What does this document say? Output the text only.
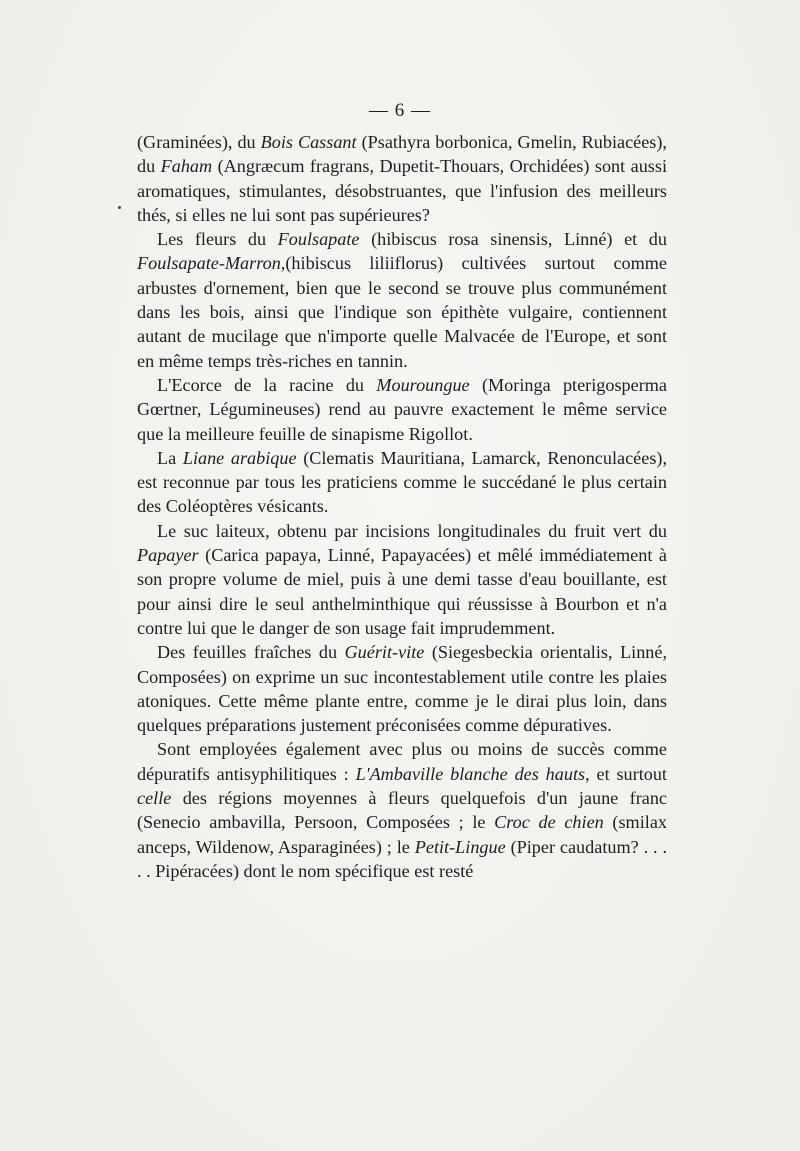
— 6 —

(Graminées), du Bois Cassant (Psathyra borbonica, Gmelin, Rubiacées), du Faham (Angræcum fragrans, Dupetit-Thouars, Orchidées) sont aussi aromatiques, stimulantes, désobstruantes, que l'infusion des meilleurs thés, si elles ne lui sont pas supérieures?

Les fleurs du Foulsapate (hibiscus rosa sinensis, Linné) et du Foulsapate-Marron,(hibiscus liliiflorus) cultivées surtout comme arbustes d'ornement, bien que le second se trouve plus communément dans les bois, ainsi que l'indique son épithète vulgaire, contiennent autant de mucilage que n'importe quelle Malvacée de l'Europe, et sont en même temps très-riches en tannin.

L'Ecorce de la racine du Mouroungue (Moringa pterigosperma Gœrtner, Légumineuses) rend au pauvre exactement le même service que la meilleure feuille de sinapisme Rigollot.

La Liane arabique (Clematis Mauritiana, Lamarck, Renonculacées), est reconnue par tous les praticiens comme le succédané le plus certain des Coléoptères vésicants.

Le suc laiteux, obtenu par incisions longitudinales du fruit vert du Papayer (Carica papaya, Linné, Papayacées) et mêlé immédiatement à son propre volume de miel, puis à une demi tasse d'eau bouillante, est pour ainsi dire le seul anthelminthique qui réussisse à Bourbon et n'a contre lui que le danger de son usage fait imprudemment.

Des feuilles fraîches du Guérit-vite (Siegesbeckia orientalis, Linné, Composées) on exprime un suc incontestablement utile contre les plaies atoniques. Cette même plante entre, comme je le dirai plus loin, dans quelques préparations justement préconisées comme dépuratives.

Sont employées également avec plus ou moins de succès comme dépuratifs antisyphilitiques : L'Ambaville blanche des hauts, et surtout celle des régions moyennes à fleurs quelquefois d'un jaune franc (Senecio ambavilla, Persoon, Composées ; le Croc de chien (smilax anceps, Wildenow, Asparaginées) ; le Petit-Lingue (Piper caudatum? . . . . . Pipéracées) dont le nom spécifique est resté
